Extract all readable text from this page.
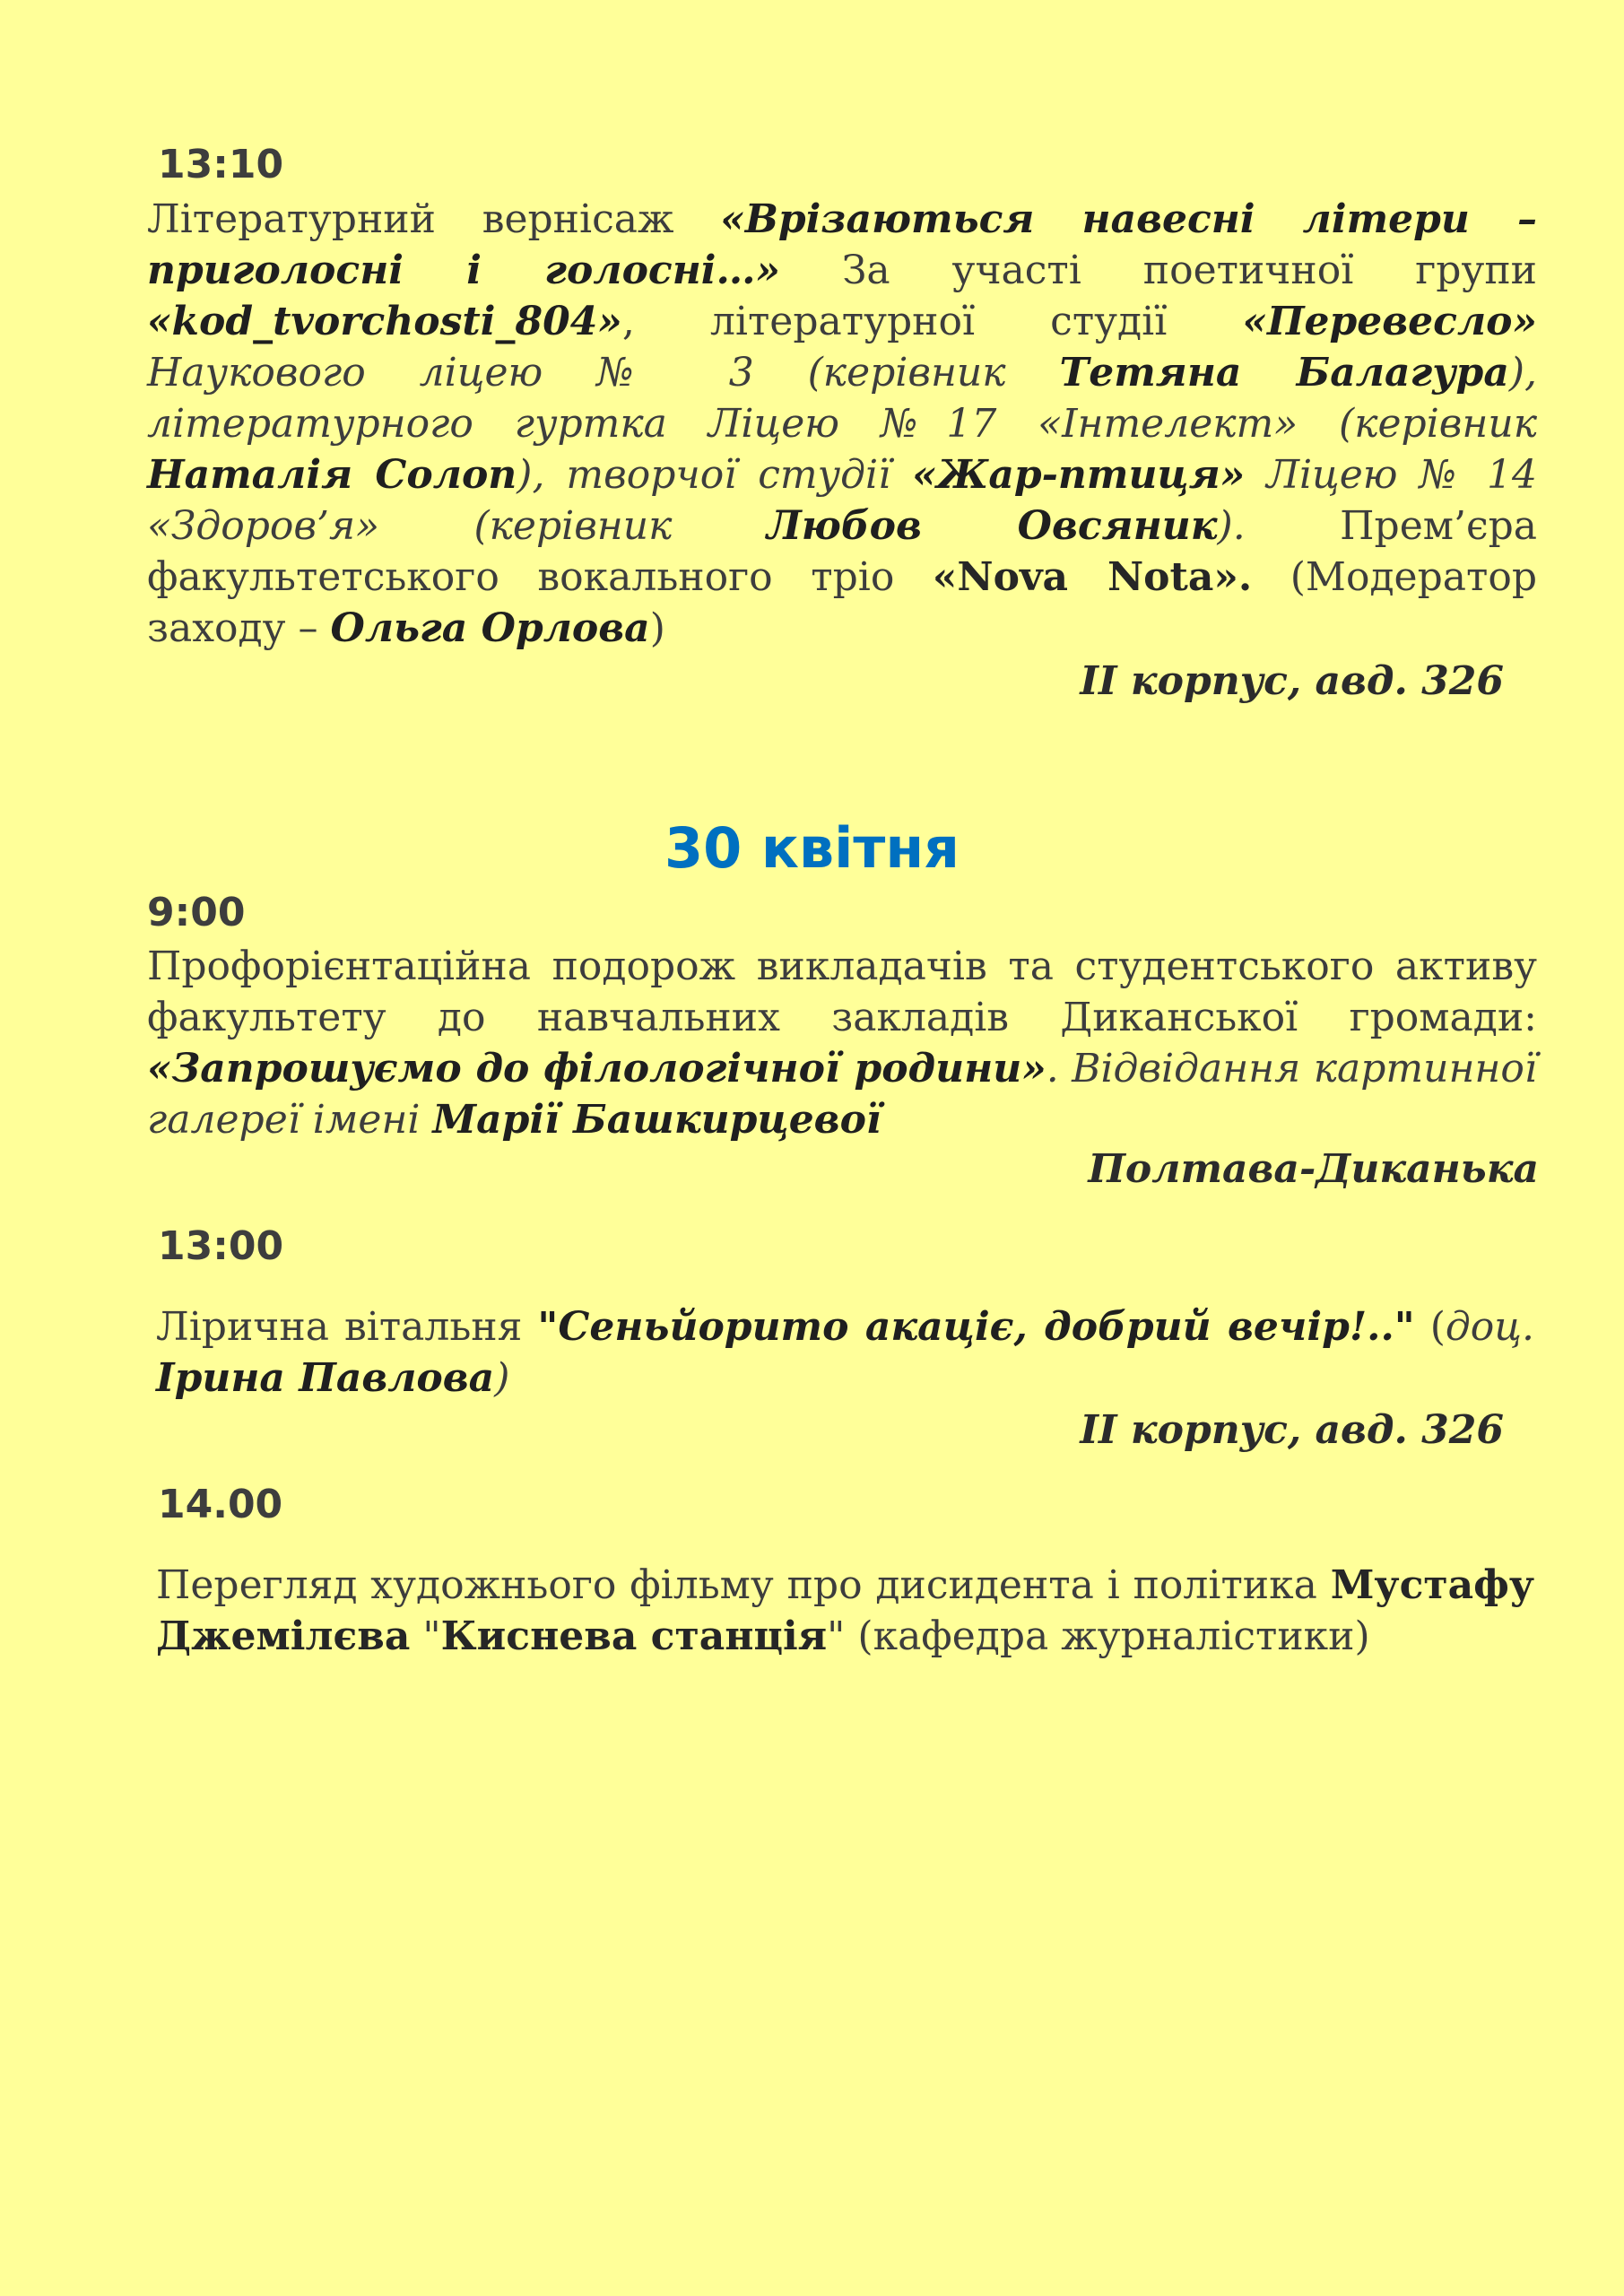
13:10
Літературний вернісаж «Врізаються навесні літери – приголосні і голосні…» За участі поетичної групи «kod_tvorchosti_804», літературної студії «Перевесло» Наукового ліцею № 3 (керівник Тетяна Балагура), літературного гуртка Ліцею №17 «Інтелект» (керівник Наталія Солоп), творчої студії «Жар-птиця» Ліцею № 14 «Здоров’я» (керівник Любов Овсяник). Прем’єра факультетського вокального тріо «Nova Nota». (Модератор заходу – Ольга Орлова)
ІІ корпус, авд. 326
30 квітня
9:00
Профорієнтаційна подорож викладачів та студентського активу факультету до навчальних закладів Диканської громади: «Запрошуємо до філологічної родини». Відвідання картинної галереї імені Марії Башкирцевої
Полтава-Диканька
13:00
Лірична вітальня "Сеньйорито акаціє, добрий вечір!.." (доц. Ірина Павлова)
ІІ корпус, авд. 326
14.00
Перегляд художнього фільму про дисидента і політика Мустафу Джемілєва "Киснева станція" (кафедра журналістики)
